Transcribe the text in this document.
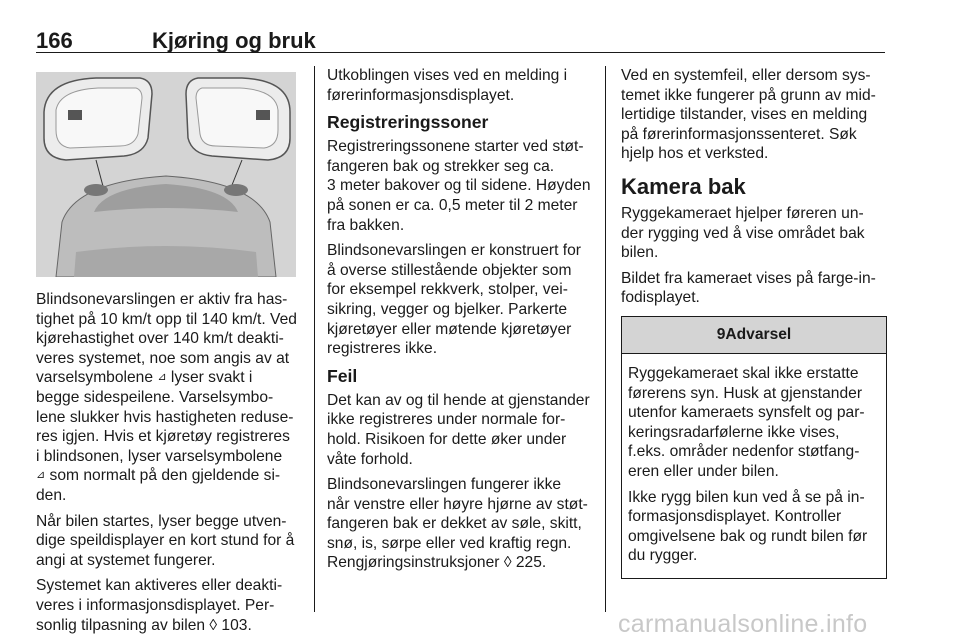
166	Kjøring og bruk

Blindsonevarslingen er aktiv fra has-
tighet på 10 km/t opp til 140 km/t. Ved
kjørehastighet over 140 km/t deakti-
veres systemet, noe som angis av at
varselsymbolene ⊿ lyser svakt i
begge sidespeilene. Varselsymbo-
lene slukker hvis hastigheten reduse-
res igjen. Hvis et kjøretøy registreres
i blindsonen, lyser varselsymbolene
⊿ som normalt på den gjeldende si-
den.

Når bilen startes, lyser begge utven-
dige speildisplayer en kort stund for å
angi at systemet fungerer.

Systemet kan aktiveres eller deakti-
veres i informasjonsdisplayet. Per-
sonlig tilpasning av bilen ◊ 103.

Utkoblingen vises ved en melding i
førerinformasjonsdisplayet.

Registreringssoner

Registreringssonene starter ved støt-
fangeren bak og strekker seg ca.
3 meter bakover og til sidene. Høyden
på sonen er ca. 0,5 meter til 2 meter
fra bakken.

Blindsonevarslingen er konstruert for
å overse stillestående objekter som
for eksempel rekkverk, stolper, vei-
sikring, vegger og bjelker. Parkerte
kjøretøyer eller møtende kjøretøyer
registreres ikke.

Feil

Det kan av og til hende at gjenstander
ikke registreres under normale for-
hold. Risikoen for dette øker under
våte forhold.

Blindsonevarslingen fungerer ikke
når venstre eller høyre hjørne av støt-
fangeren bak er dekket av søle, skitt,
snø, is, sørpe eller ved kraftig regn.
Rengjøringsinstruksjoner ◊ 225.

Ved en systemfeil, eller dersom sys-
temet ikke fungerer på grunn av mid-
lertidige tilstander, vises en melding
på førerinformasjonssenteret. Søk
hjelp hos et verksted.

Kamera bak

Ryggekameraet hjelper føreren un-
der rygging ved å vise området bak
bilen.

Bildet fra kameraet vises på farge-in-
fodisplayet.

9Advarsel

Ryggekameraet skal ikke erstatte
førerens syn. Husk at gjenstander
utenfor kameraets synsfelt og par-
keringsradarfølerne ikke vises,
f.eks. områder nedenfor støtfang-
eren eller under bilen.

Ikke rygg bilen kun ved å se på in-
formasjonsdisplayet. Kontroller
omgivelsene bak og rundt bilen før
du rygger.

carmanualsonline.info
